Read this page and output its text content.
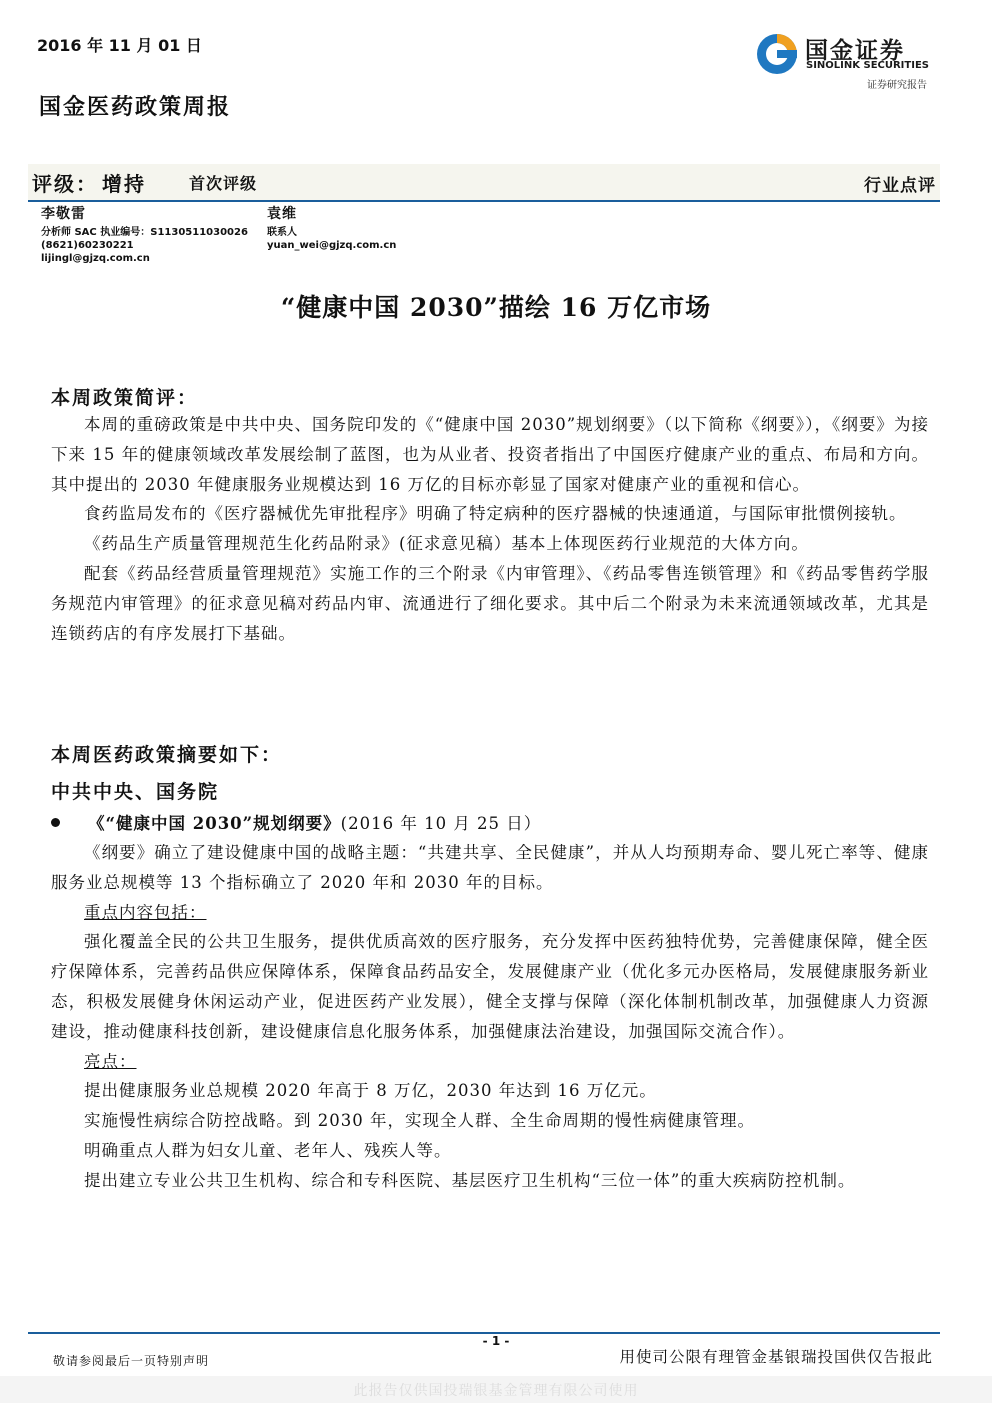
2016 年 11 月 01 日	国金证券
SINOLINK SECURITIES
证券研究报告
国金医药政策周报
评级： 增持	首次评级	行业点评
李敬雷
分析师 SAC 执业编号：S1130511030026
(8621)60230221
lijingl@gjzq.com.cn
袁维
联系人
yuan_wei@gjzq.com.cn
“健康中国 2030”描绘 16 万亿市场
本周政策简评：

本周的重磅政策是中共中央、国务院印发的《“健康中国 2030”规划纲要》（以下简称《纲要》），《纲要》为接下来 15 年的健康领域改革发展绘制了蓝图，也为从业者、投资者指出了中国医疗健康产业的重点、布局和方向。其中提出的 2030 年健康服务业规模达到 16 万亿的目标亦彰显了国家对健康产业的重视和信心。

食药监局发布的《医疗器械优先审批程序》明确了特定病种的医疗器械的快速通道，与国际审批惯例接轨。

《药品生产质量管理规范生化药品附录》(征求意见稿）基本上体现医药行业规范的大体方向。

配套《药品经营质量管理规范》实施工作的三个附录《内审管理》、《药品零售连锁管理》和《药品零售药学服务规范内审管理》的征求意见稿对药品内审、流通进行了细化要求。其中后二个附录为未来流通领域改革，尤其是连锁药店的有序发展打下基础。

本周医药政策摘要如下：
中共中央、国务院
《“健康中国 2030”规划纲要》(2016 年 10 月 25 日）

《纲要》确立了建设健康中国的战略主题：“共建共享、全民健康”，并从人均预期寿命、婴儿死亡率等、健康服务业总规模等 13 个指标确立了 2020 年和 2030 年的目标。

重点内容包括：

强化覆盖全民的公共卫生服务，提供优质高效的医疗服务，充分发挥中医药独特优势，完善健康保障，健全医疗保障体系，完善药品供应保障体系，保障食品药品安全，发展健康产业（优化多元办医格局，发展健康服务新业态，积极发展健身休闲运动产业，促进医药产业发展），健全支撑与保障（深化体制机制改革，加强健康人力资源建设，推动健康科技创新，建设健康信息化服务体系，加强健康法治建设，加强国际交流合作）。

亮点：

提出健康服务业总规模 2020 年高于 8 万亿，2030 年达到 16 万亿元。

实施慢性病综合防控战略。到 2030 年，实现全人群、全生命周期的慢性病健康管理。

明确重点人群为妇女儿童、老年人、残疾人等。

提出建立专业公共卫生机构、综合和专科医院、基层医疗卫生机构“三位一体”的重大疾病防控机制。

- 1 -
敬请参阅最后一页特别声明	用使司公限有理管金基银瑞投国供仅告报此
此报告仅供国投瑞银基金管理有限公司使用
